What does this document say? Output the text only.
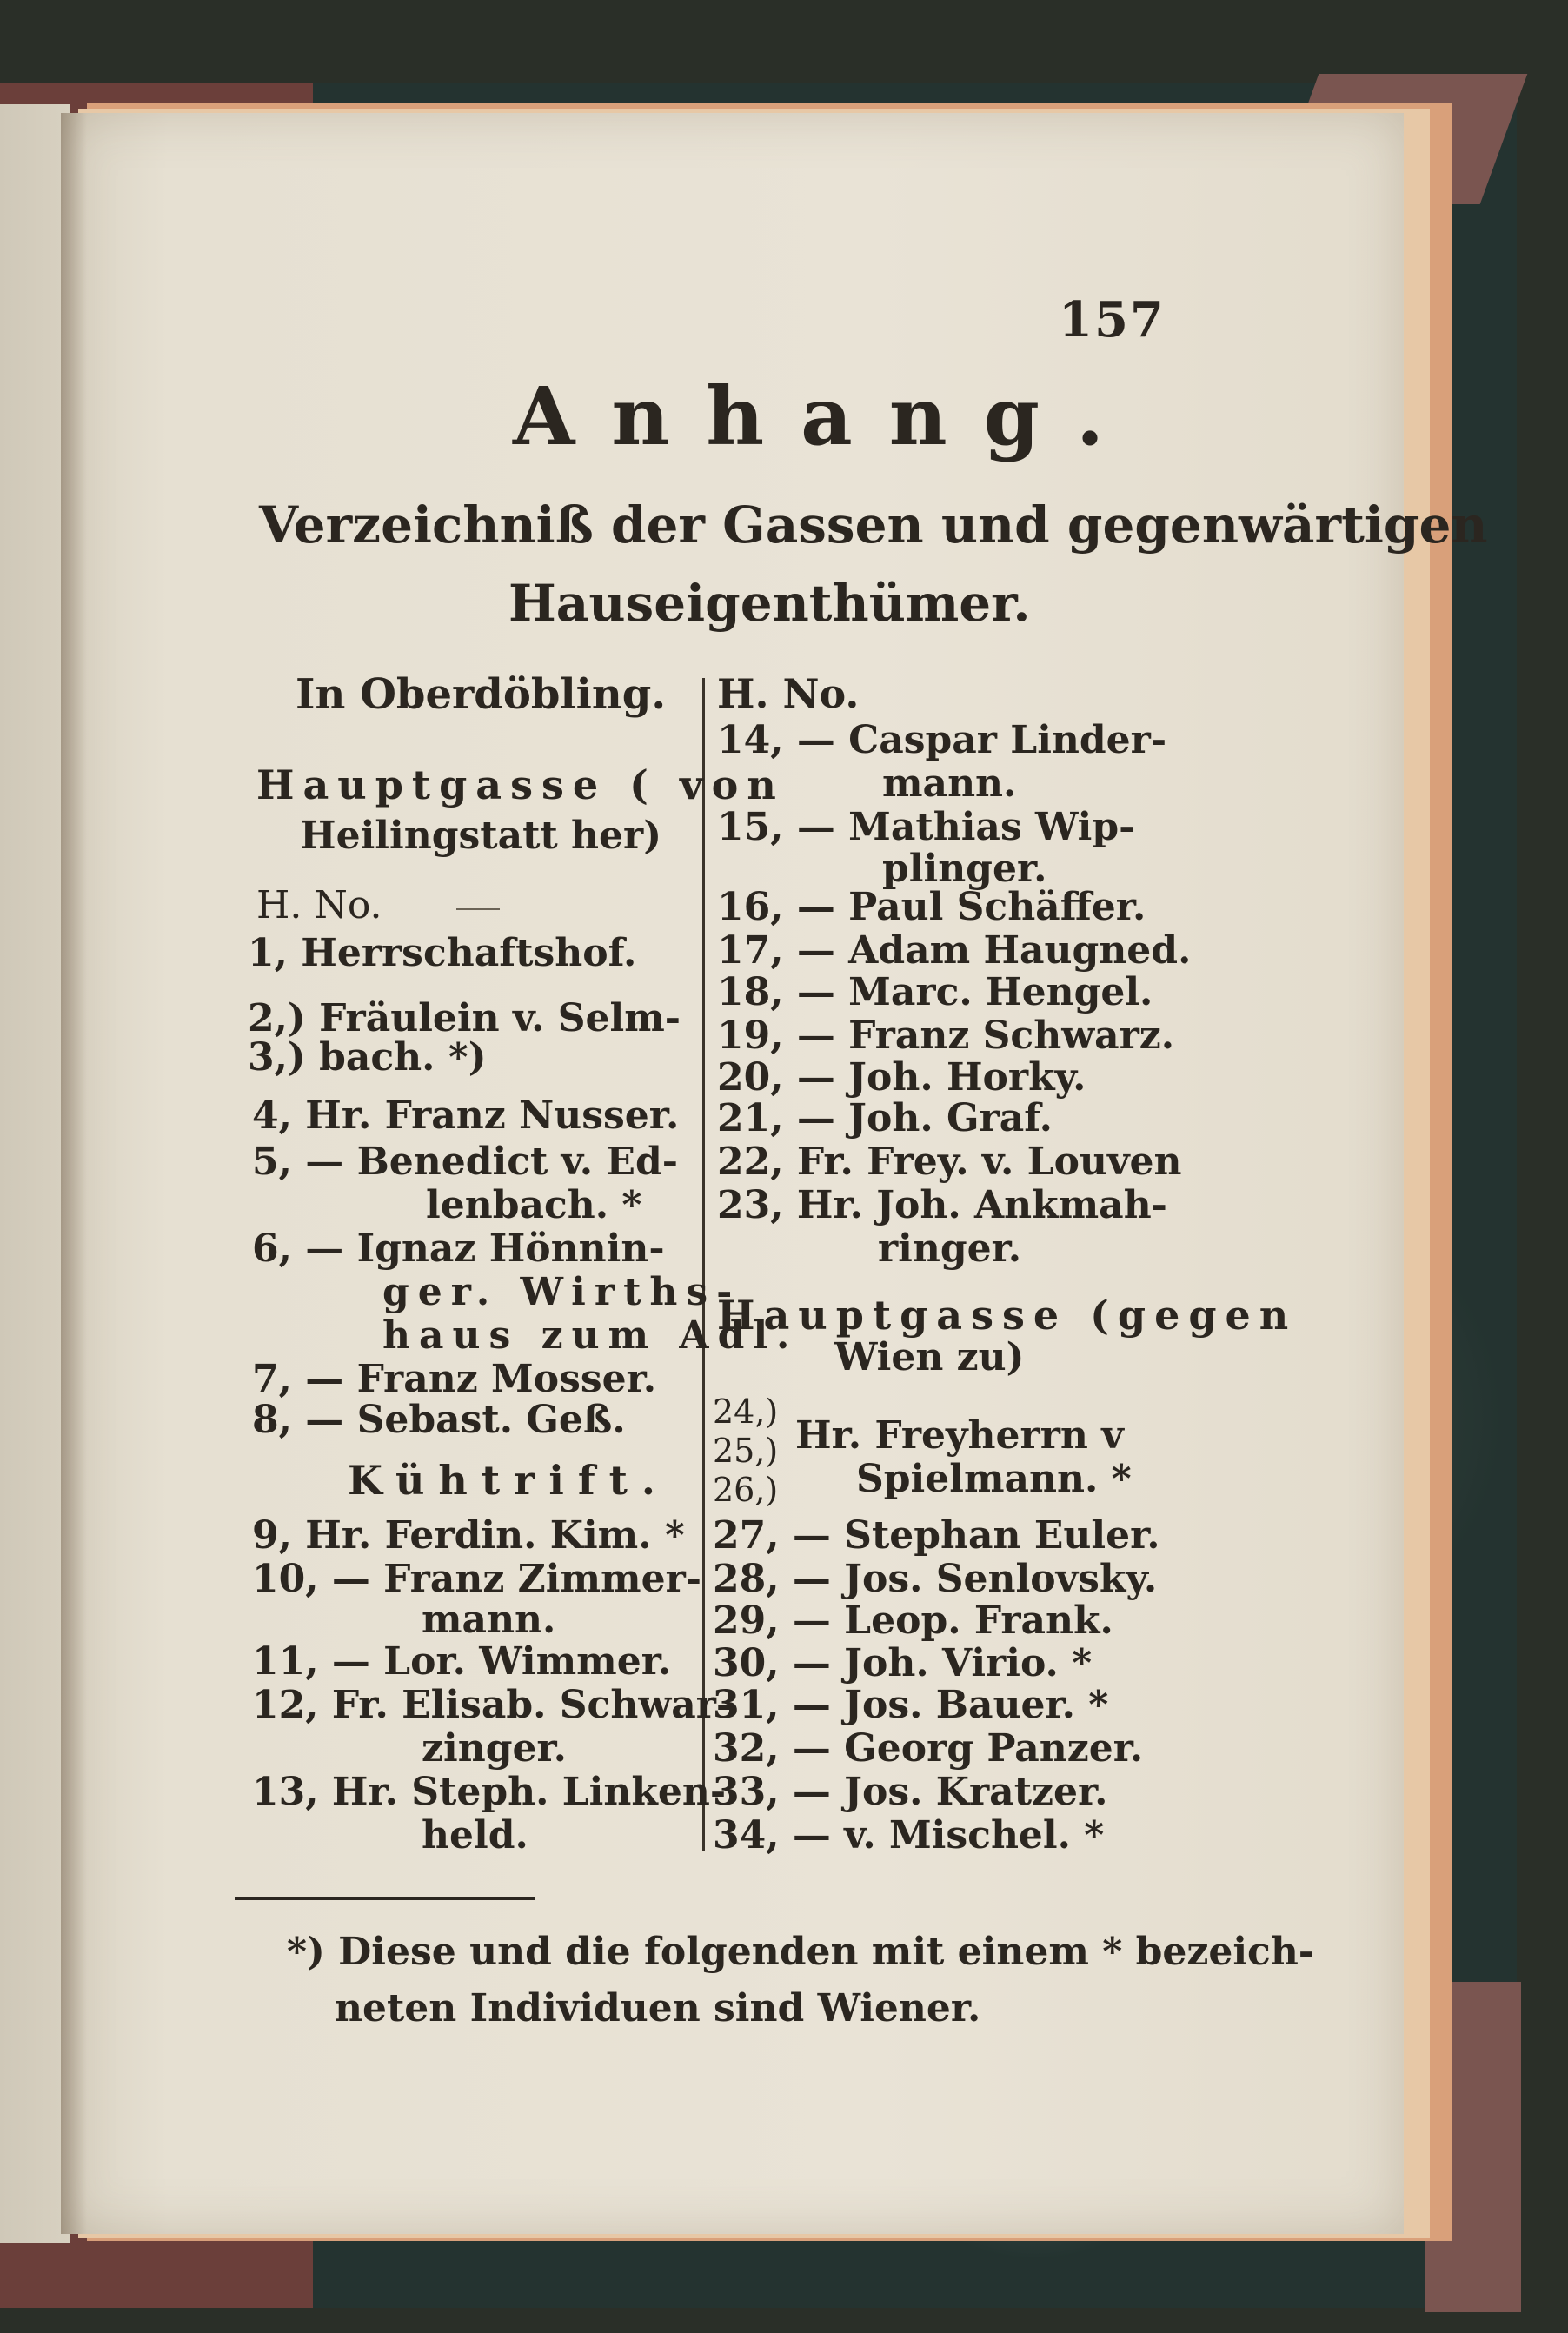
157
Anhang.
Verzeichniß der Gassen und gegenwärtigen
Hauseigenthümer.
In Oberdöbling.
Hauptgasse ( von
Heilingstatt her)
H. No.
1, Herrschaftshof.
2,) Fräulein v. Selm-
3,) bach. *)
4, Hr. Franz Nusser.
5, — Benedict v. Ed-
lenbach. *
6, — Ignaz Hönnin-
ger. Wirths-
haus zum Adl.
7, — Franz Mosser.
8, — Sebast. Geß.
Kühtrift.
9, Hr. Ferdin. Kim. *
10, — Franz Zimmer-
mann.
11, — Lor. Wimmer.
12, Fr. Elisab. Schwar-
zinger.
13, Hr. Steph. Linken-
held.
H. No.
14, — Caspar Linder-
mann.
15, — Mathias Wip-
plinger.
16, — Paul Schäffer.
17, — Adam Haugned.
18, — Marc. Hengel.
19, — Franz Schwarz.
20, — Joh. Horky.
21, — Joh. Graf.
22, Fr. Frey. v. Louven
23, Hr. Joh. Ankmah-
ringer.
Hauptgasse (gegen
Wien zu)
24,)
25,)
26,)
Hr. Freyherrn v
Spielmann. *
27, — Stephan Euler.
28, — Jos. Senlovsky.
29, — Leop. Frank.
30, — Joh. Virio. *
31, — Jos. Bauer. *
32, — Georg Panzer.
33, — Jos. Kratzer.
34, — v. Mischel. *
*) Diese und die folgenden mit einem * bezeich-
neten Individuen sind Wiener.
